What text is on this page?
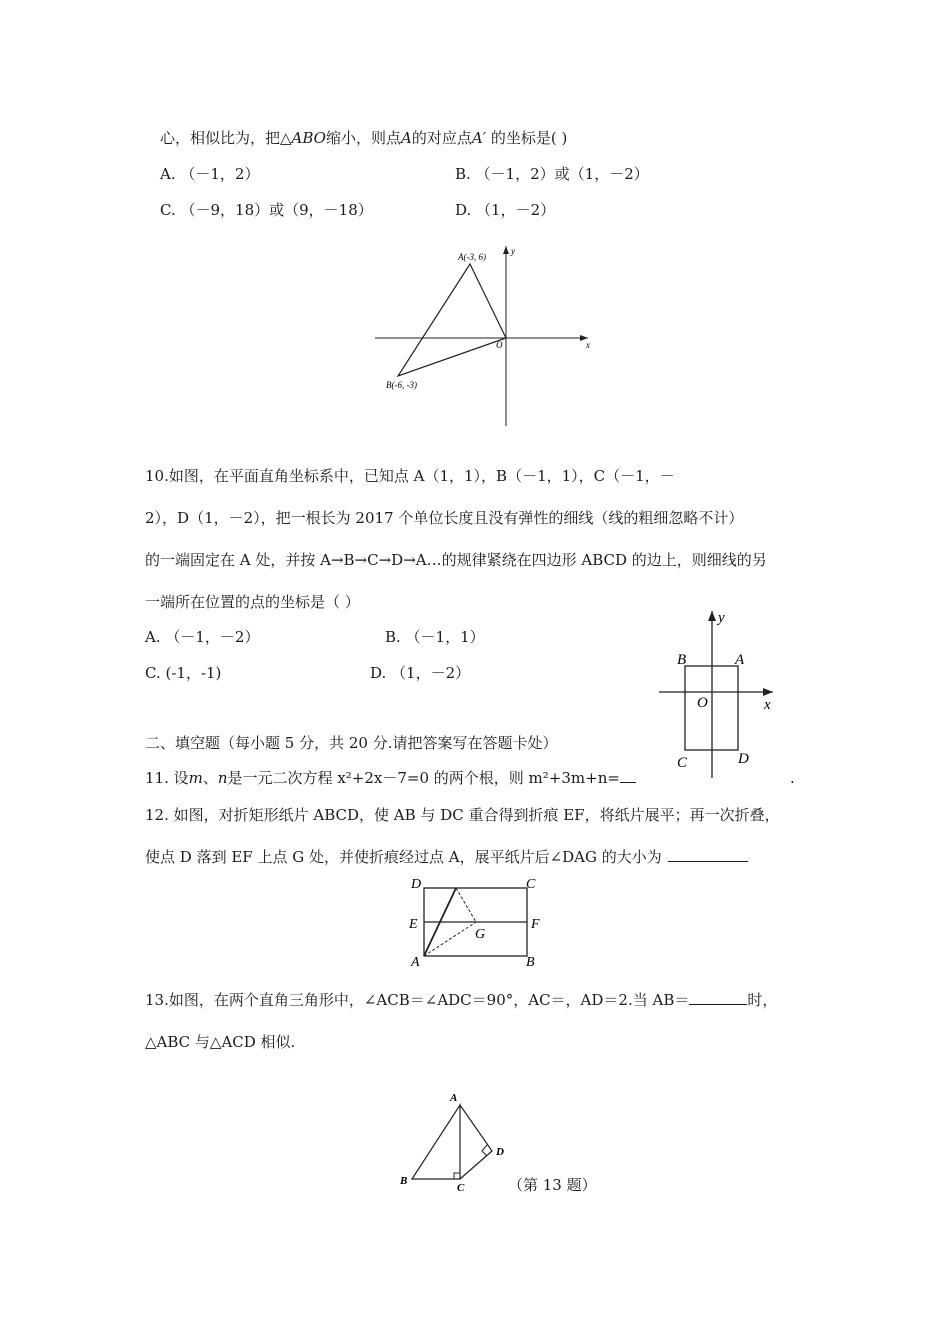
心，相似比为，把△ABO缩小，则点A的对应点A′ 的坐标是( )
A. （－1，2）	B. （－1，2）或（1，－2）
C. （－9，18）或（9，－18）	D. （1，－2）
A(-3, 6)
B(-6, -3)
O	x
y
10.如图，在平面直角坐标系中，已知点 A（1，1），B（－1，1），C（－1，－
2），D（1，－2），把一根长为 2017 个单位长度且没有弹性的细线（线的粗细忽略不计）
的一端固定在 A 处，并按 A→B→C→D→A…的规律紧绕在四边形 ABCD 的边上，则细线的另
一端所在位置的点的坐标是（ ）
A. （－1，－2）	B. （－1，1）
C. (-1，-1)	D. （1，－2）
B	A
O	x
y
C	D
二、填空题（每小题 5 分，共 20 分.请把答案写在答题卡处）
11. 设m、n是一元二次方程 x²+2x－7=0 的两个根，则 m²+3m+n=	.
12. 如图，对折矩形纸片 ABCD，使 AB 与 DC 重合得到折痕 EF，将纸片展平；再一次折叠，
使点 D 落到 EF 上点 G 处，并使折痕经过点 A，展平纸片后∠DAG 的大小为
D	C
E	F
G
A	B
13.如图，在两个直角三角形中，∠ACB＝∠ADC＝90°，AC＝，AD＝2.当 AB＝	时，
△ABC 与△ACD 相似.
A
B
C
D
（第 13 题）
